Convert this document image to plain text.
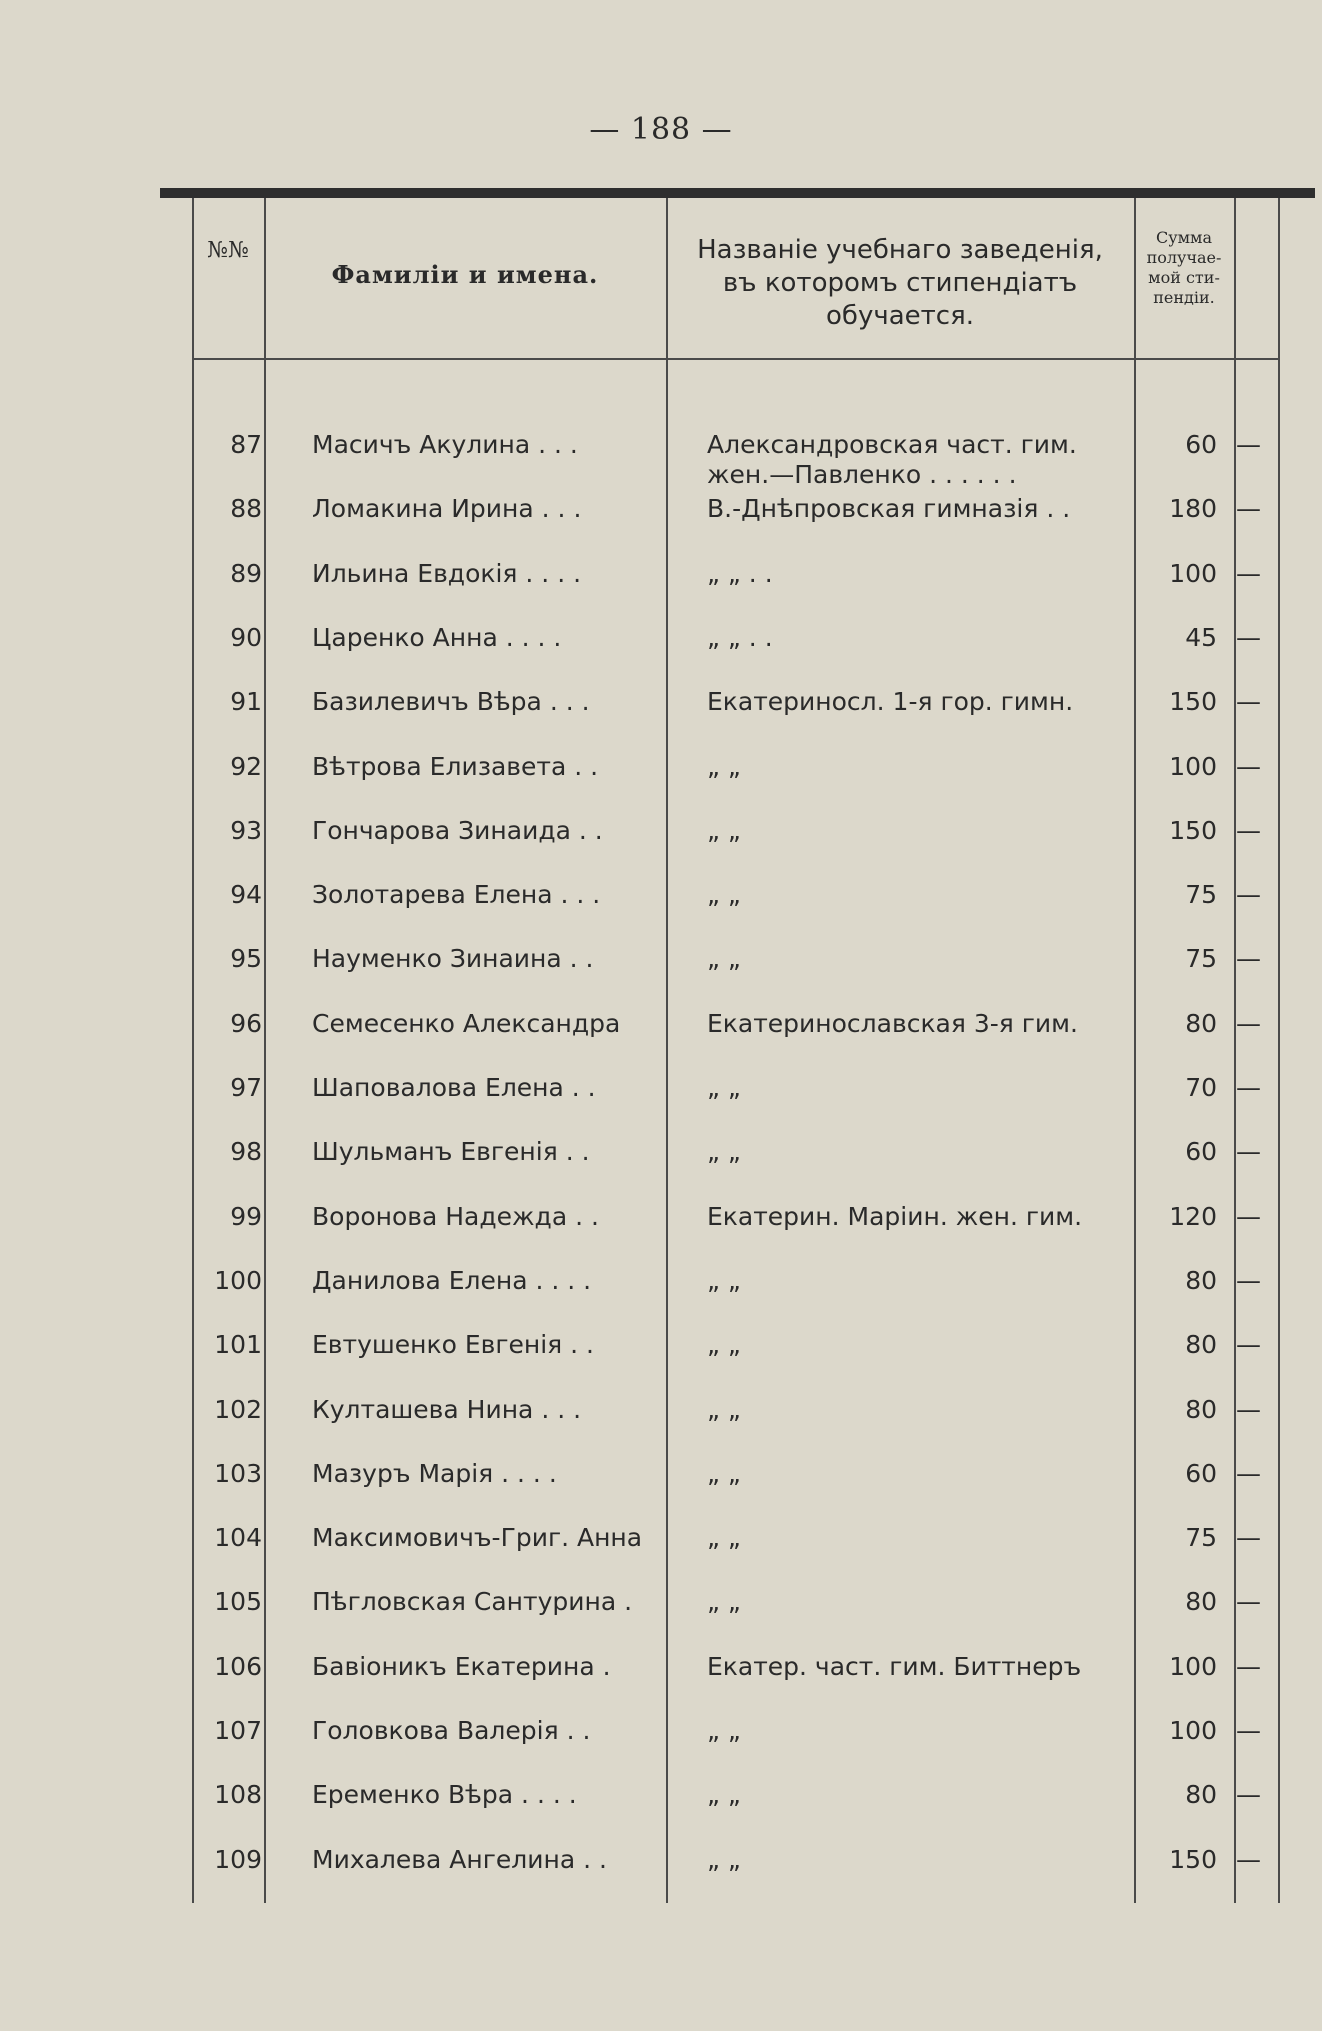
— 188 —
№№
Фамиліи и имена.
Названіе учебнаго заведенія,
въ которомъ стипендіатъ
обучается.
Сумма
получае-
мой сти-
пендіи.
87 Масичъ Акулина . . .	Александровская част. гим.	60 —
жен.—Павленко . . . . . .
88 Ломакина Ирина . . .	В.-Днѣпровская гимназія . .	180 —
89 Ильина Евдокія . . . .	„ „ . .	100 —
90 Царенко Анна . . . .	„ „ . .	45 —
91 Базилевичъ Вѣра . . .	Екатериносл. 1-я гор. гимн.	150 —
92 Вѣтрова Елизавета . .	„ „	100 —
93 Гончарова Зинаида . .	„ „	150 —
94 Золотарева Елена . . .	„ „	75 —
95 Науменко Зинаина . .	„ „	75 —
96 Семесенко Александра	Екатеринославская 3-я гим.	80 —
97 Шаповалова Елена . .	„ „	70 —
98 Шульманъ Евгенія . .	„ „	60 —
99 Воронова Надежда . .	Екатерин. Маріин. жен. гим.	120 —
100 Данилова Елена . . . .	„ „	80 —
101 Евтушенко Евгенія . .	„ „	80 —
102 Култашева Нина . . .	„ „	80 —
103 Мазуръ Марія . . . .	„ „	60 —
104 Максимовичъ-Григ. Анна	„ „	75 —
105 Пѣгловская Сантурина .	„ „	80 —
106 Бавіоникъ Екатерина .	Екатер. част. гим. Биттнеръ	100 —
107 Головкова Валерія . .	„ „	100 —
108 Еременко Вѣра . . . .	„ „	80 —
109 Михалева Ангелина . .	„ „	150 —
